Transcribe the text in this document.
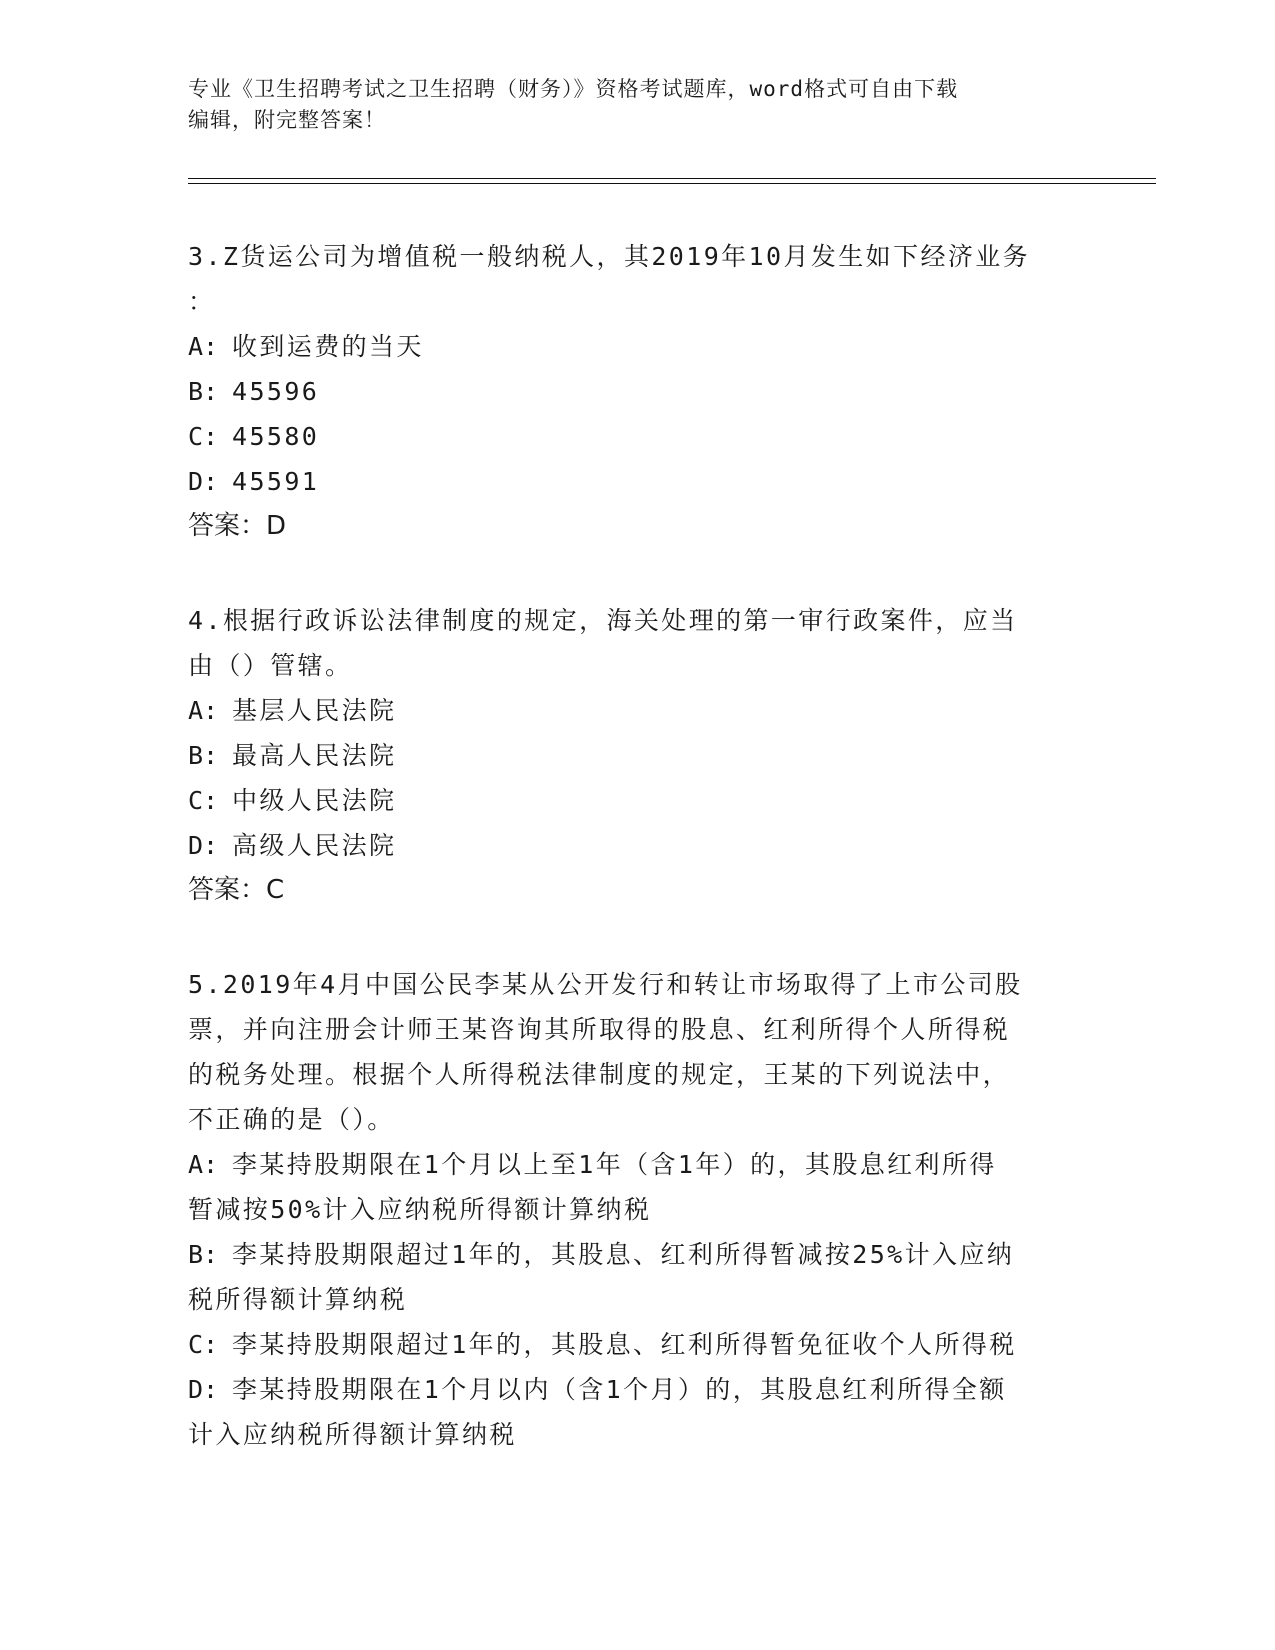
专业《卫生招聘考试之卫生招聘（财务）》资格考试题库，word格式可自由下载
编辑，附完整答案！

3.Z货运公司为增值税一般纳税人，其2019年10月发生如下经济业务

：

A: 收到运费的当天

B: 45596

C: 45580

D: 45591

答案：D

4.根据行政诉讼法律制度的规定，海关处理的第一审行政案件，应当

由（）管辖。

A: 基层人民法院

B: 最高人民法院

C: 中级人民法院

D: 高级人民法院

答案：C

5.2019年4月中国公民李某从公开发行和转让市场取得了上市公司股

票，并向注册会计师王某咨询其所取得的股息、红利所得个人所得税

的税务处理。根据个人所得税法律制度的规定，王某的下列说法中，

不正确的是（）。

A: 李某持股期限在1个月以上至1年（含1年）的，其股息红利所得

暂减按50%计入应纳税所得额计算纳税

B: 李某持股期限超过1年的，其股息、红利所得暂减按25%计入应纳

税所得额计算纳税

C: 李某持股期限超过1年的，其股息、红利所得暂免征收个人所得税

D: 李某持股期限在1个月以内（含1个月）的，其股息红利所得全额

计入应纳税所得额计算纳税
